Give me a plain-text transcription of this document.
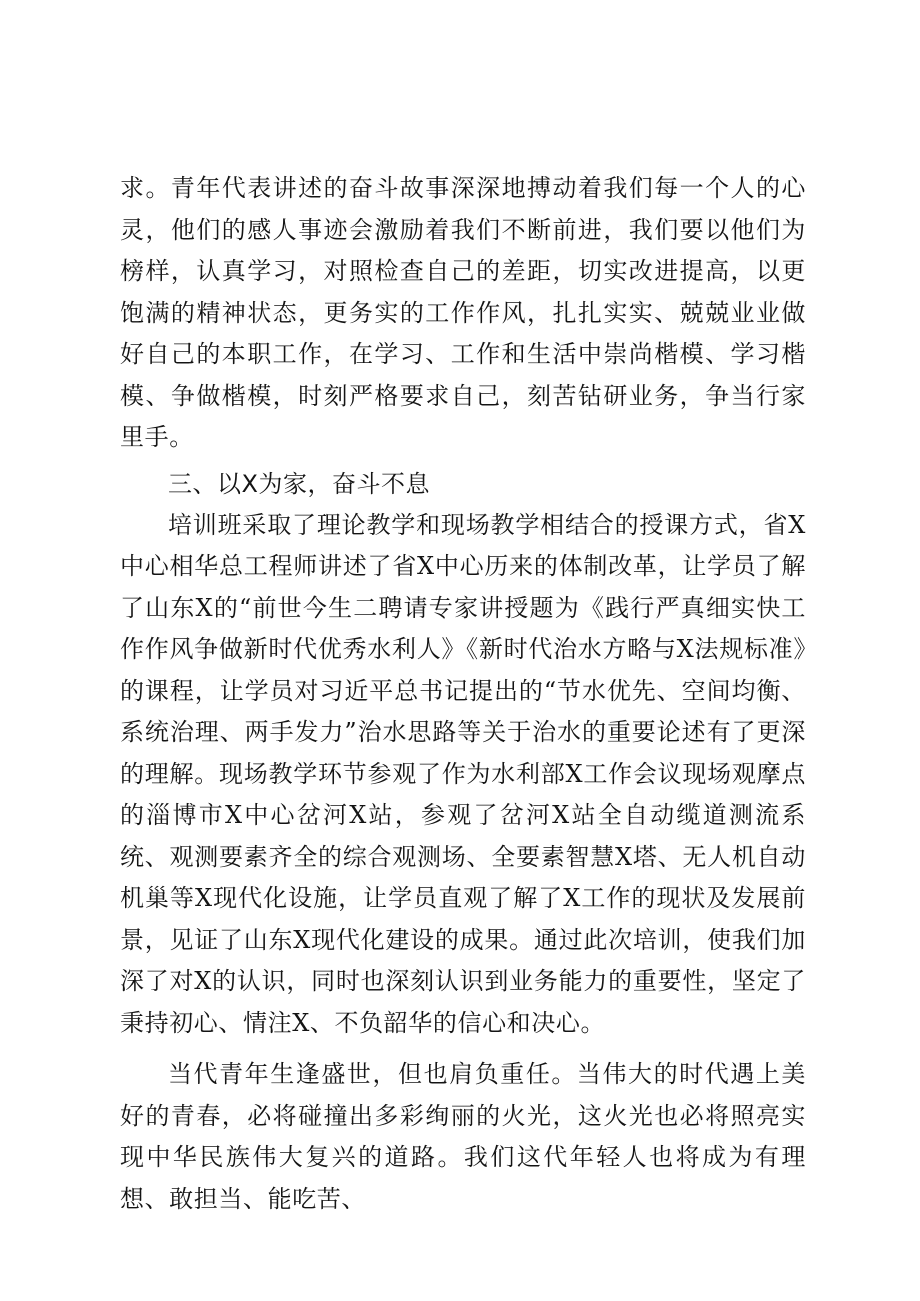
求。青年代表讲述的奋斗故事深深地搏动着我们每一个人的心灵，他们的感人事迹会激励着我们不断前进，我们要以他们为榜样，认真学习，对照检查自己的差距，切实改进提高，以更饱满的精神状态，更务实的工作作风，扎扎实实、兢兢业业做好自己的本职工作，在学习、工作和生活中崇尚楷模、学习楷模、争做楷模，时刻严格要求自己，刻苦钻研业务，争当行家里手。

三、以X为家，奋斗不息

培训班采取了理论教学和现场教学相结合的授课方式，省X中心相华总工程师讲述了省X中心历来的体制改革，让学员了解了山东X的“前世今生二聘请专家讲授题为《践行严真细实快工作作风争做新时代优秀水利人》《新时代治水方略与X法规标准》的课程，让学员对习近平总书记提出的“节水优先、空间均衡、系统治理、两手发力”治水思路等关于治水的重要论述有了更深的理解。现场教学环节参观了作为水利部X工作会议现场观摩点的淄博市X中心岔河X站，参观了岔河X站全自动缆道测流系统、观测要素齐全的综合观测场、全要素智慧X塔、无人机自动机巢等X现代化设施，让学员直观了解了X工作的现状及发展前景，见证了山东X现代化建设的成果。通过此次培训，使我们加深了对X的认识，同时也深刻认识到业务能力的重要性，坚定了秉持初心、情注X、不负韶华的信心和决心。

当代青年生逢盛世，但也肩负重任。当伟大的时代遇上美好的青春，必将碰撞出多彩绚丽的火光，这火光也必将照亮实现中华民族伟大复兴的道路。我们这代年轻人也将成为有理想、敢担当、能吃苦、
